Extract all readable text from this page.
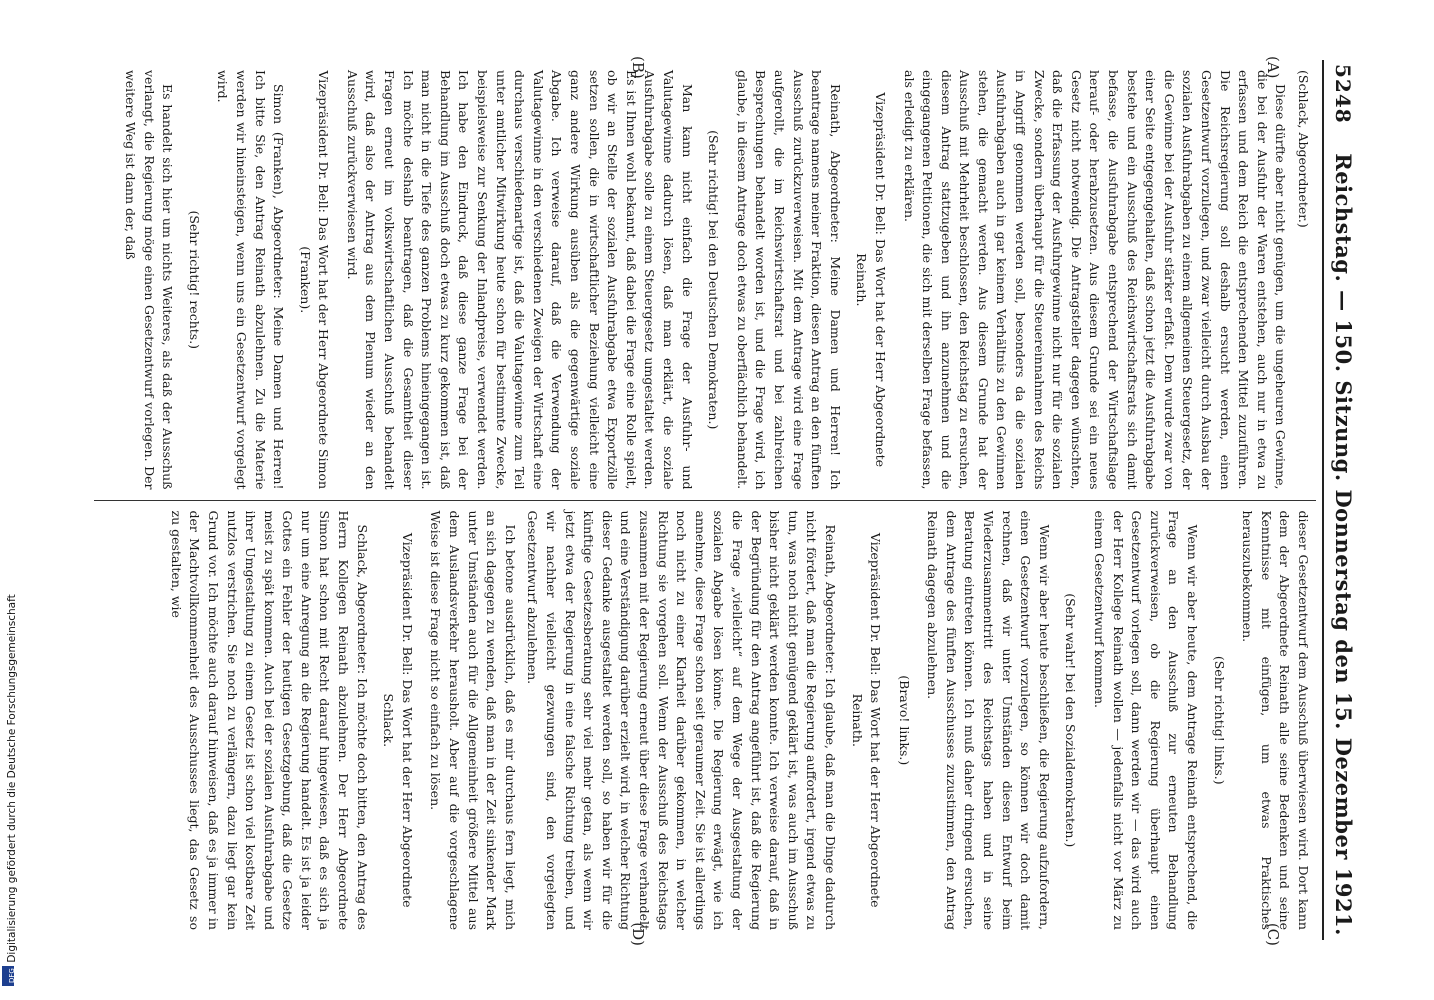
DFG Digitalisierung gefördert durch die Deutsche Forschungsgemeinschaft
5248
Reichstag. — 150. Sitzung. Donnerstag den 15. Dezember 1921.
(A)
(B)
(C)
(D)

(Schlack, Abgeordneter.)

Diese dürfte aber nicht genügen, um die ungeheuren Gewinne, die bei der Ausfuhr der Waren entstehen, auch nur in etwa zu erfassen und dem Reich die entsprechenden Mittel zuzuführen. Die Reichsregierung soll deshalb ersucht werden, einen Gesetzentwurf vorzulegen, und zwar vielleicht durch Ausbau der sozialen Ausfuhrabgaben zu einem allgemeinen Steuergesetz, der die Gewinne bei der Ausfuhr stärker erfaßt. Dem wurde zwar von einer Seite entgegengehalten, daß schon jetzt die Ausfuhrabgabe bestehe und ein Ausschuß des Reichswirtschaftsrats sich damit befasse, die Ausfuhrabgabe entsprechend der Wirtschaftslage herauf- oder herabzusetzen. Aus diesem Grunde sei ein neues Gesetz nicht notwendig. Die Antragsteller dagegen wünschten, daß die Erfassung der Ausfuhrgewinne nicht nur für die sozialen Zwecke, sondern überhaupt für die Steuereinnahmen des Reichs in Angriff genommen werden soll, besonders da die sozialen Ausfuhrabgaben auch in gar keinem Verhältnis zu den Gewinnen stehen, die gemacht werden. Aus diesem Grunde hat der Ausschuß mit Mehrheit beschlossen, den Reichstag zu ersuchen, diesem Antrag stattzugeben und ihn anzunehmen und die eingegangenen Petitionen, die sich mit derselben Frage befassen, als erledigt zu erklären.

Vizepräsident Dr. Bell: Das Wort hat der Herr Abgeordnete Reinath.

Reinath, Abgeordneter: Meine Damen und Herren! Ich beantrage namens meiner Fraktion, diesen Antrag an den fünften Ausschuß zurückzuverweisen. Mit dem Antrage wird eine Frage aufgerollt, die im Reichswirtschaftsrat und bei zahlreichen Besprechungen behandelt worden ist, und die Frage wird, ich glaube, in diesem Antrage doch etwas zu oberflächlich behandelt.

(Sehr richtig! bei den Deutschen Demokraten.)

Man kann nicht einfach die Frage der Ausfuhr- und Valutagewinne dadurch lösen, daß man erklärt, die soziale Ausfuhrabgabe solle zu einem Steuergesetz umgestaltet werden. Es ist Ihnen wohl bekannt, daß dabei die Frage eine Rolle spielt, ob wir an Stelle der sozialen Ausfuhrabgabe etwa Exportzölle setzen sollen, die in wirtschaftlicher Beziehung vielleicht eine ganz andere Wirkung ausüben als die gegenwärtige soziale Abgabe. Ich verweise darauf, daß die Verwendung der Valutagewinne in den verschiedenen Zweigen der Wirtschaft eine durchaus verschiedenartige ist, daß die Valutagewinne zum Teil unter amtlicher Mitwirkung heute schon für bestimmte Zwecke, beispielsweise zur Senkung der Inlandpreise, verwendet werden. Ich habe den Eindruck, daß diese ganze Frage bei der Behandlung im Ausschuß doch etwas zu kurz gekommen ist, daß man nicht in die Tiefe des ganzen Problems hineingegangen ist. Ich möchte deshalb beantragen, daß die Gesamtheit dieser Fragen erneut im volkswirtschaftlichen Ausschuß behandelt wird, daß also der Antrag aus dem Plenum wieder an den Ausschuß zurückverwiesen wird.

Vizepräsident Dr. Bell: Das Wort hat der Herr Abgeordnete Simon (Franken).

Simon (Franken), Abgeordneter: Meine Damen und Herren! Ich bitte Sie, den Antrag Reinath abzulehnen. Zu die Materie werden wir hineinsteigen, wenn uns ein Gesetzentwurf vorgelegt wird.

(Sehr richtig! rechts.)

Es handelt sich hier um nichts Weiteres, als daß der Ausschuß verlangt, die Regierung möge einen Gesetzentwurf vorlegen. Der weitere Weg ist dann der, daß

dieser Gesetzentwurf dem Ausschuß überwiesen wird. Dort kann dem der Abgeordnete Reinath alle seine Bedenken und seine Kenntnisse mit einfügen, um etwas Praktisches herauszubekommen.

(Sehr richtig! links.)

Wenn wir aber heute, dem Antrage Reinath entsprechend, die Frage an den Ausschuß zur erneuten Behandlung zurückverweisen, ob die Regierung überhaupt einen Gesetzentwurf vorlegen soll, dann werden wir — das wird auch der Herr Kollege Reinath wollen — jedenfalls nicht vor März zu einem Gesetzentwurf kommen.

(Sehr wahr! bei den Sozialdemokraten.)

Wenn wir aber heute beschließen, die Regierung aufzufordern, einen Gesetzentwurf vorzulegen, so können wir doch damit rechnen, daß wir unter Umständen diesen Entwurf beim Wiederzusammentritt des Reichstags haben und in seine Beratung eintreten können. Ich muß daher dringend ersuchen, dem Antrage des fünften Ausschusses zuzustimmen, den Antrag Reinath dagegen abzulehnen.

(Bravo! links.)

Vizepräsident Dr. Bell: Das Wort hat der Herr Abgeordnete Reinath.

Reinath, Abgeordneter: Ich glaube, daß man die Dinge dadurch nicht fördert, daß man die Regierung auffordert, irgend etwas zu tun, was noch nicht genügend geklärt ist, was auch im Ausschuß bisher nicht geklärt werden konnte. Ich verweise darauf, daß in der Begründung für den Antrag angeführt ist, daß die Regierung die Frage „vielleicht“ auf dem Wege der Ausgestaltung der sozialen Abgabe lösen könne. Die Regierung erwägt, wie ich annehme, diese Frage schon seit geraumer Zeit. Sie ist allerdings noch nicht zu einer Klarheit darüber gekommen, in welcher Richtung sie vorgehen soll. Wenn der Ausschuß des Reichstags zusammen mit der Regierung erneut über diese Frage verhandelt und eine Verständigung darüber erzielt wird, in welcher Richtung dieser Gedanke ausgestaltet werden soll, so haben wir für die künftige Gesetzesberatung sehr viel mehr getan, als wenn wir jetzt etwa der Regierung in eine falsche Richtung treiben, und wir nachher vielleicht gezwungen sind, den vorgelegten Gesetzentwurf abzulehnen.

Ich betone ausdrücklich, daß es mir durchaus fern liegt, mich an sich dagegen zu wenden, daß man in der Zeit sinkender Mark unter Umständen auch für die Allgemeinheit größere Mittel aus dem Auslandsverkehr herausholt. Aber auf die vorgeschlagene Weise ist diese Frage nicht so einfach zu lösen.

Vizepräsident Dr. Bell: Das Wort hat der Herr Abgeordnete Schlack.

Schlack, Abgeordneter: Ich möchte doch bitten, den Antrag des Herrn Kollegen Reinath abzulehnen. Der Herr Abgeordnete Simon hat schon mit Recht darauf hingewiesen, daß es sich ja nur um eine Anregung an die Regierung handelt. Es ist ja leider Gottes ein Fehler der heutigen Gesetzgebung, daß die Gesetze meist zu spät kommen. Auch bei der sozialen Ausfuhrabgabe und ihrer Umgestaltung zu einem Gesetz ist schon viel kostbare Zeit nutzlos verstrichen. Sie noch zu verlängern, dazu liegt gar kein Grund vor. Ich möchte auch darauf hinweisen, daß es ja immer in der Machtvollkommenheit des Ausschusses liegt, das Gesetz so zu gestalten, wie
